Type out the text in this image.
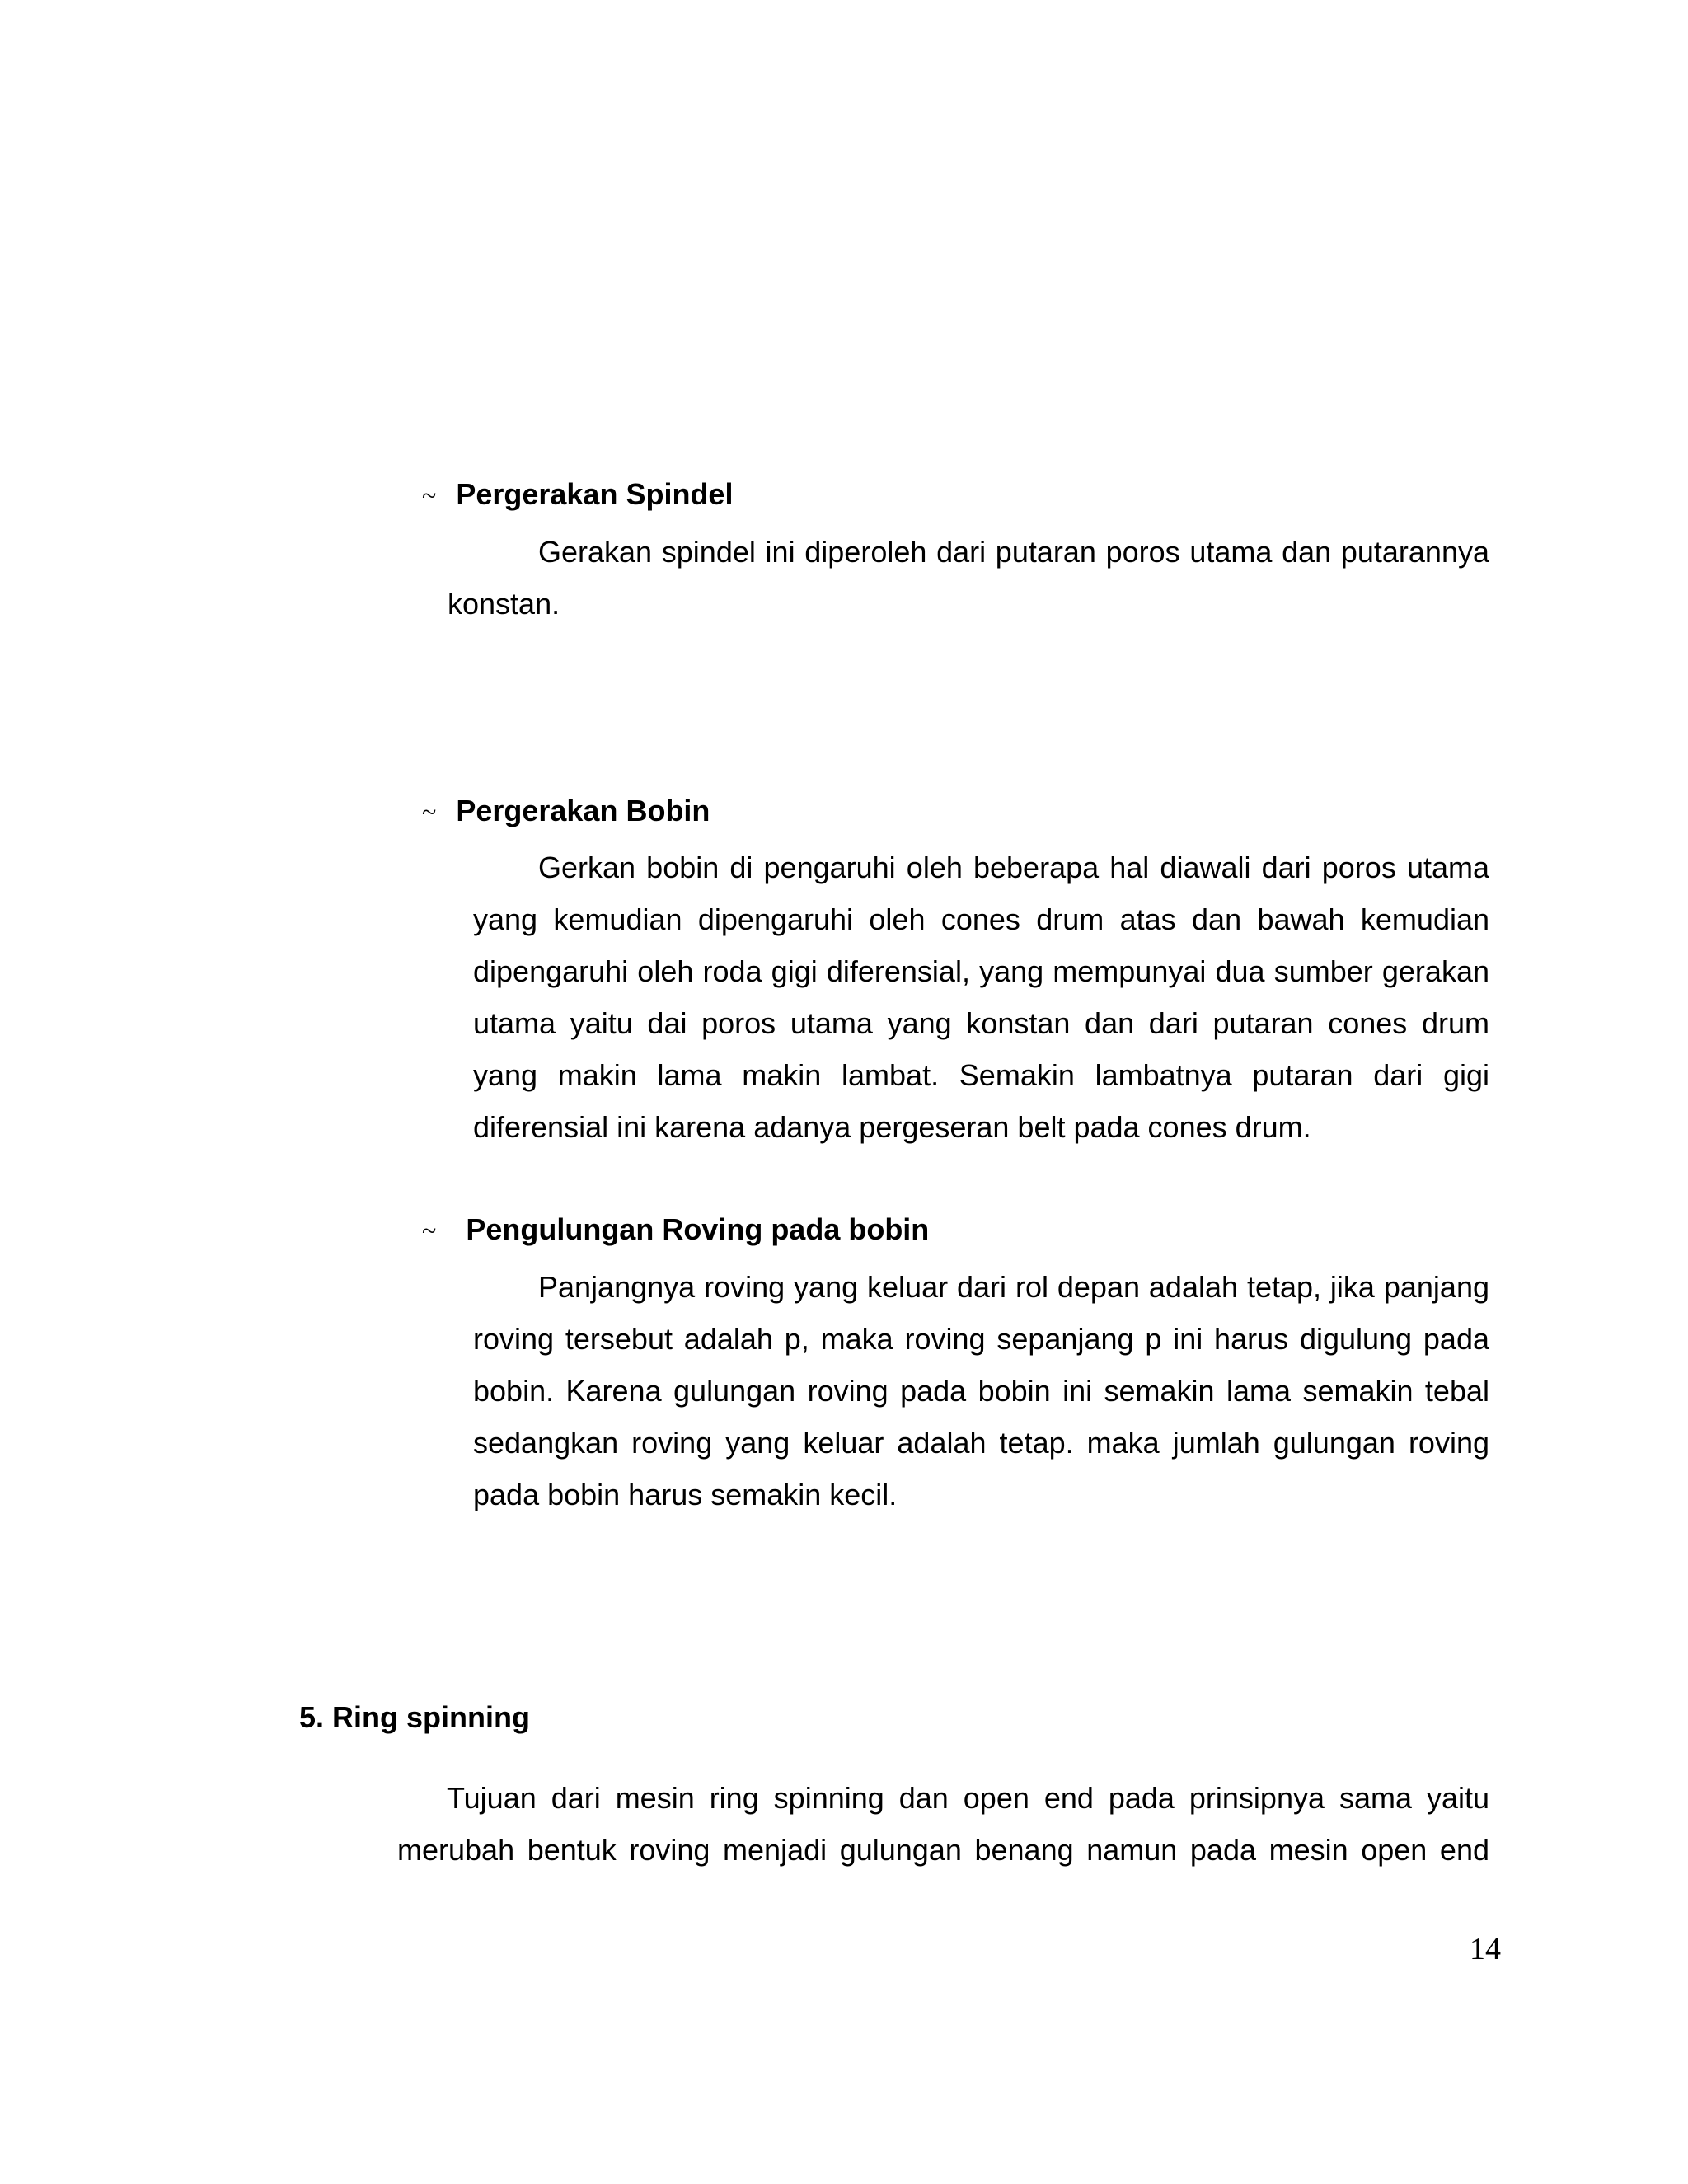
~ Pergerakan Spindel
Gerakan spindel ini diperoleh dari putaran poros utama dan putarannya
konstan.
~ Pergerakan Bobin
Gerkan bobin di pengaruhi oleh beberapa hal diawali dari poros utama
yang kemudian dipengaruhi oleh cones drum atas dan bawah kemudian
dipengaruhi oleh roda gigi diferensial, yang mempunyai dua sumber gerakan
utama yaitu dai poros utama yang konstan dan dari putaran cones drum
yang makin lama makin lambat. Semakin lambatnya putaran dari gigi
diferensial ini karena adanya pergeseran belt pada cones drum.
~ Pengulungan Roving pada bobin
Panjangnya roving yang keluar dari rol depan adalah tetap, jika panjang
roving tersebut adalah p, maka roving sepanjang p ini harus digulung pada
bobin. Karena gulungan roving pada bobin ini semakin lama semakin tebal
sedangkan roving yang keluar adalah tetap. maka jumlah gulungan roving
pada bobin harus semakin kecil.
5. Ring spinning
Tujuan dari mesin ring spinning dan open end pada prinsipnya sama yaitu
merubah bentuk roving menjadi gulungan benang namun pada mesin open end
14
